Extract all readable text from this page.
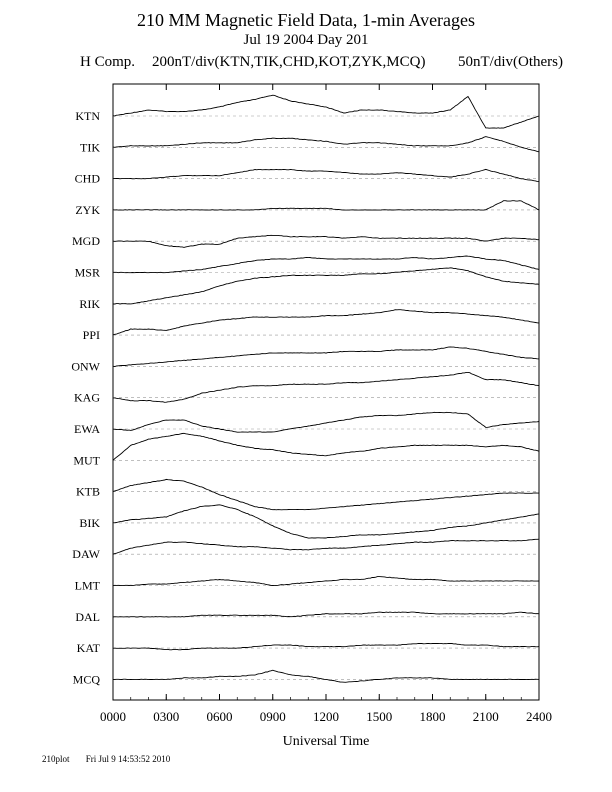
210 MM Magnetic Field Data, 1-min Averages
Jul 19 2004 Day 201
H Comp. 200nT/div(KTN,TIK,CHD,KOT,ZYK,MCQ) 50nT/div(Others)
0000 0300 0600 0900 1200 1500 1800 2100 2400
KTN
TIK
CHD
ZYK
MGD
MSR
RIK
PPI
ONW
KAG
EWA
MUT
KTB
BIK
DAW
LMT
DAL
KAT
MCQ
Universal Time
210plot Fri Jul 9 14:53:52 2010
